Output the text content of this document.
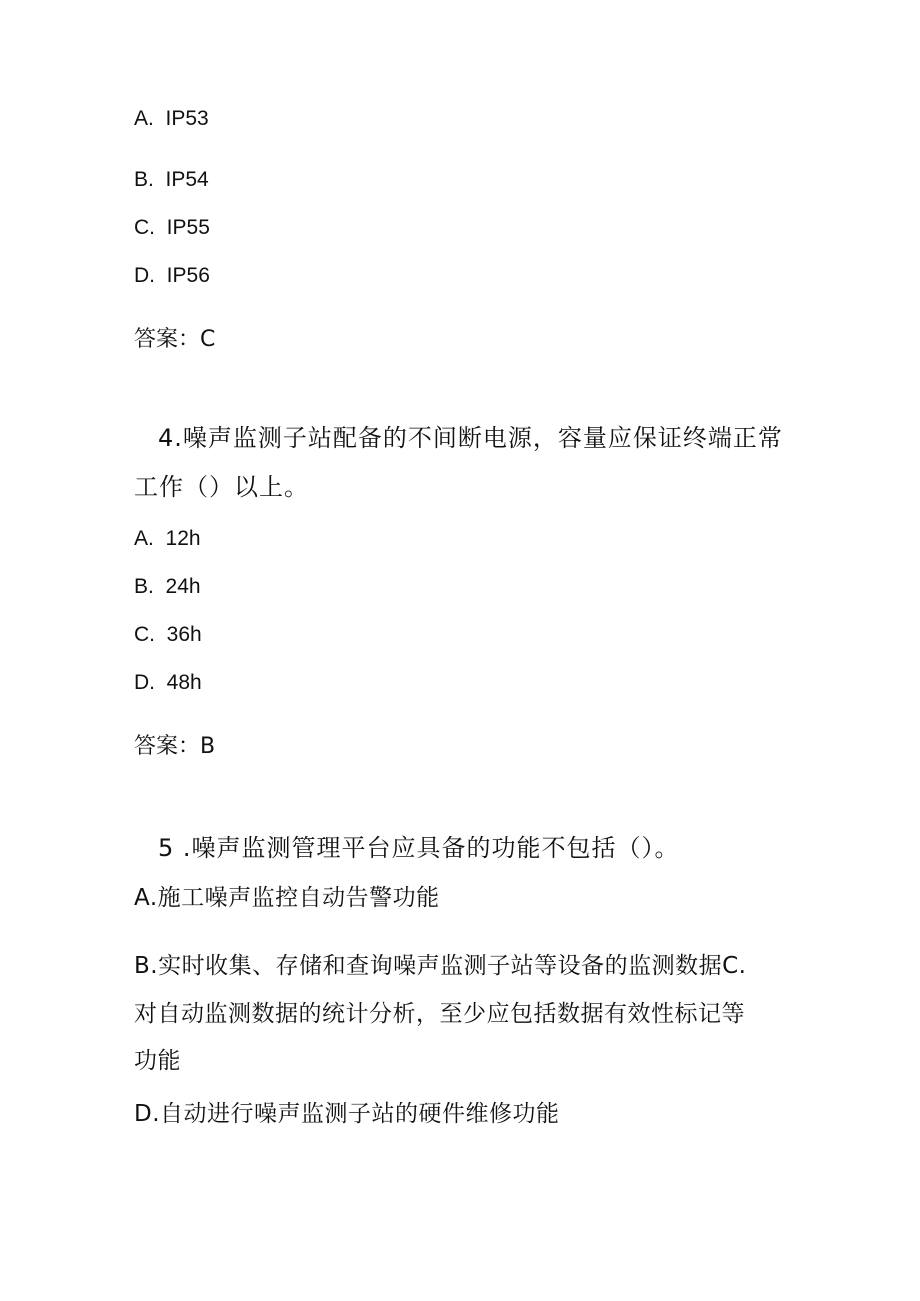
A. IP53

B. IP54

C. IP55

D. IP56

答案：C

4.噪声监测子站配备的不间断电源，容量应保证终端正常

工作（）以上。

A. 12h

B. 24h

C. 36h

D. 48h

答案：B

5 .噪声监测管理平台应具备的功能不包括（）。

A.施工噪声监控自动告警功能

B.实时收集、存储和查询噪声监测子站等设备的监测数据C.

对自动监测数据的统计分析，至少应包括数据有效性标记等

功能

D.自动进行噪声监测子站的硬件维修功能
